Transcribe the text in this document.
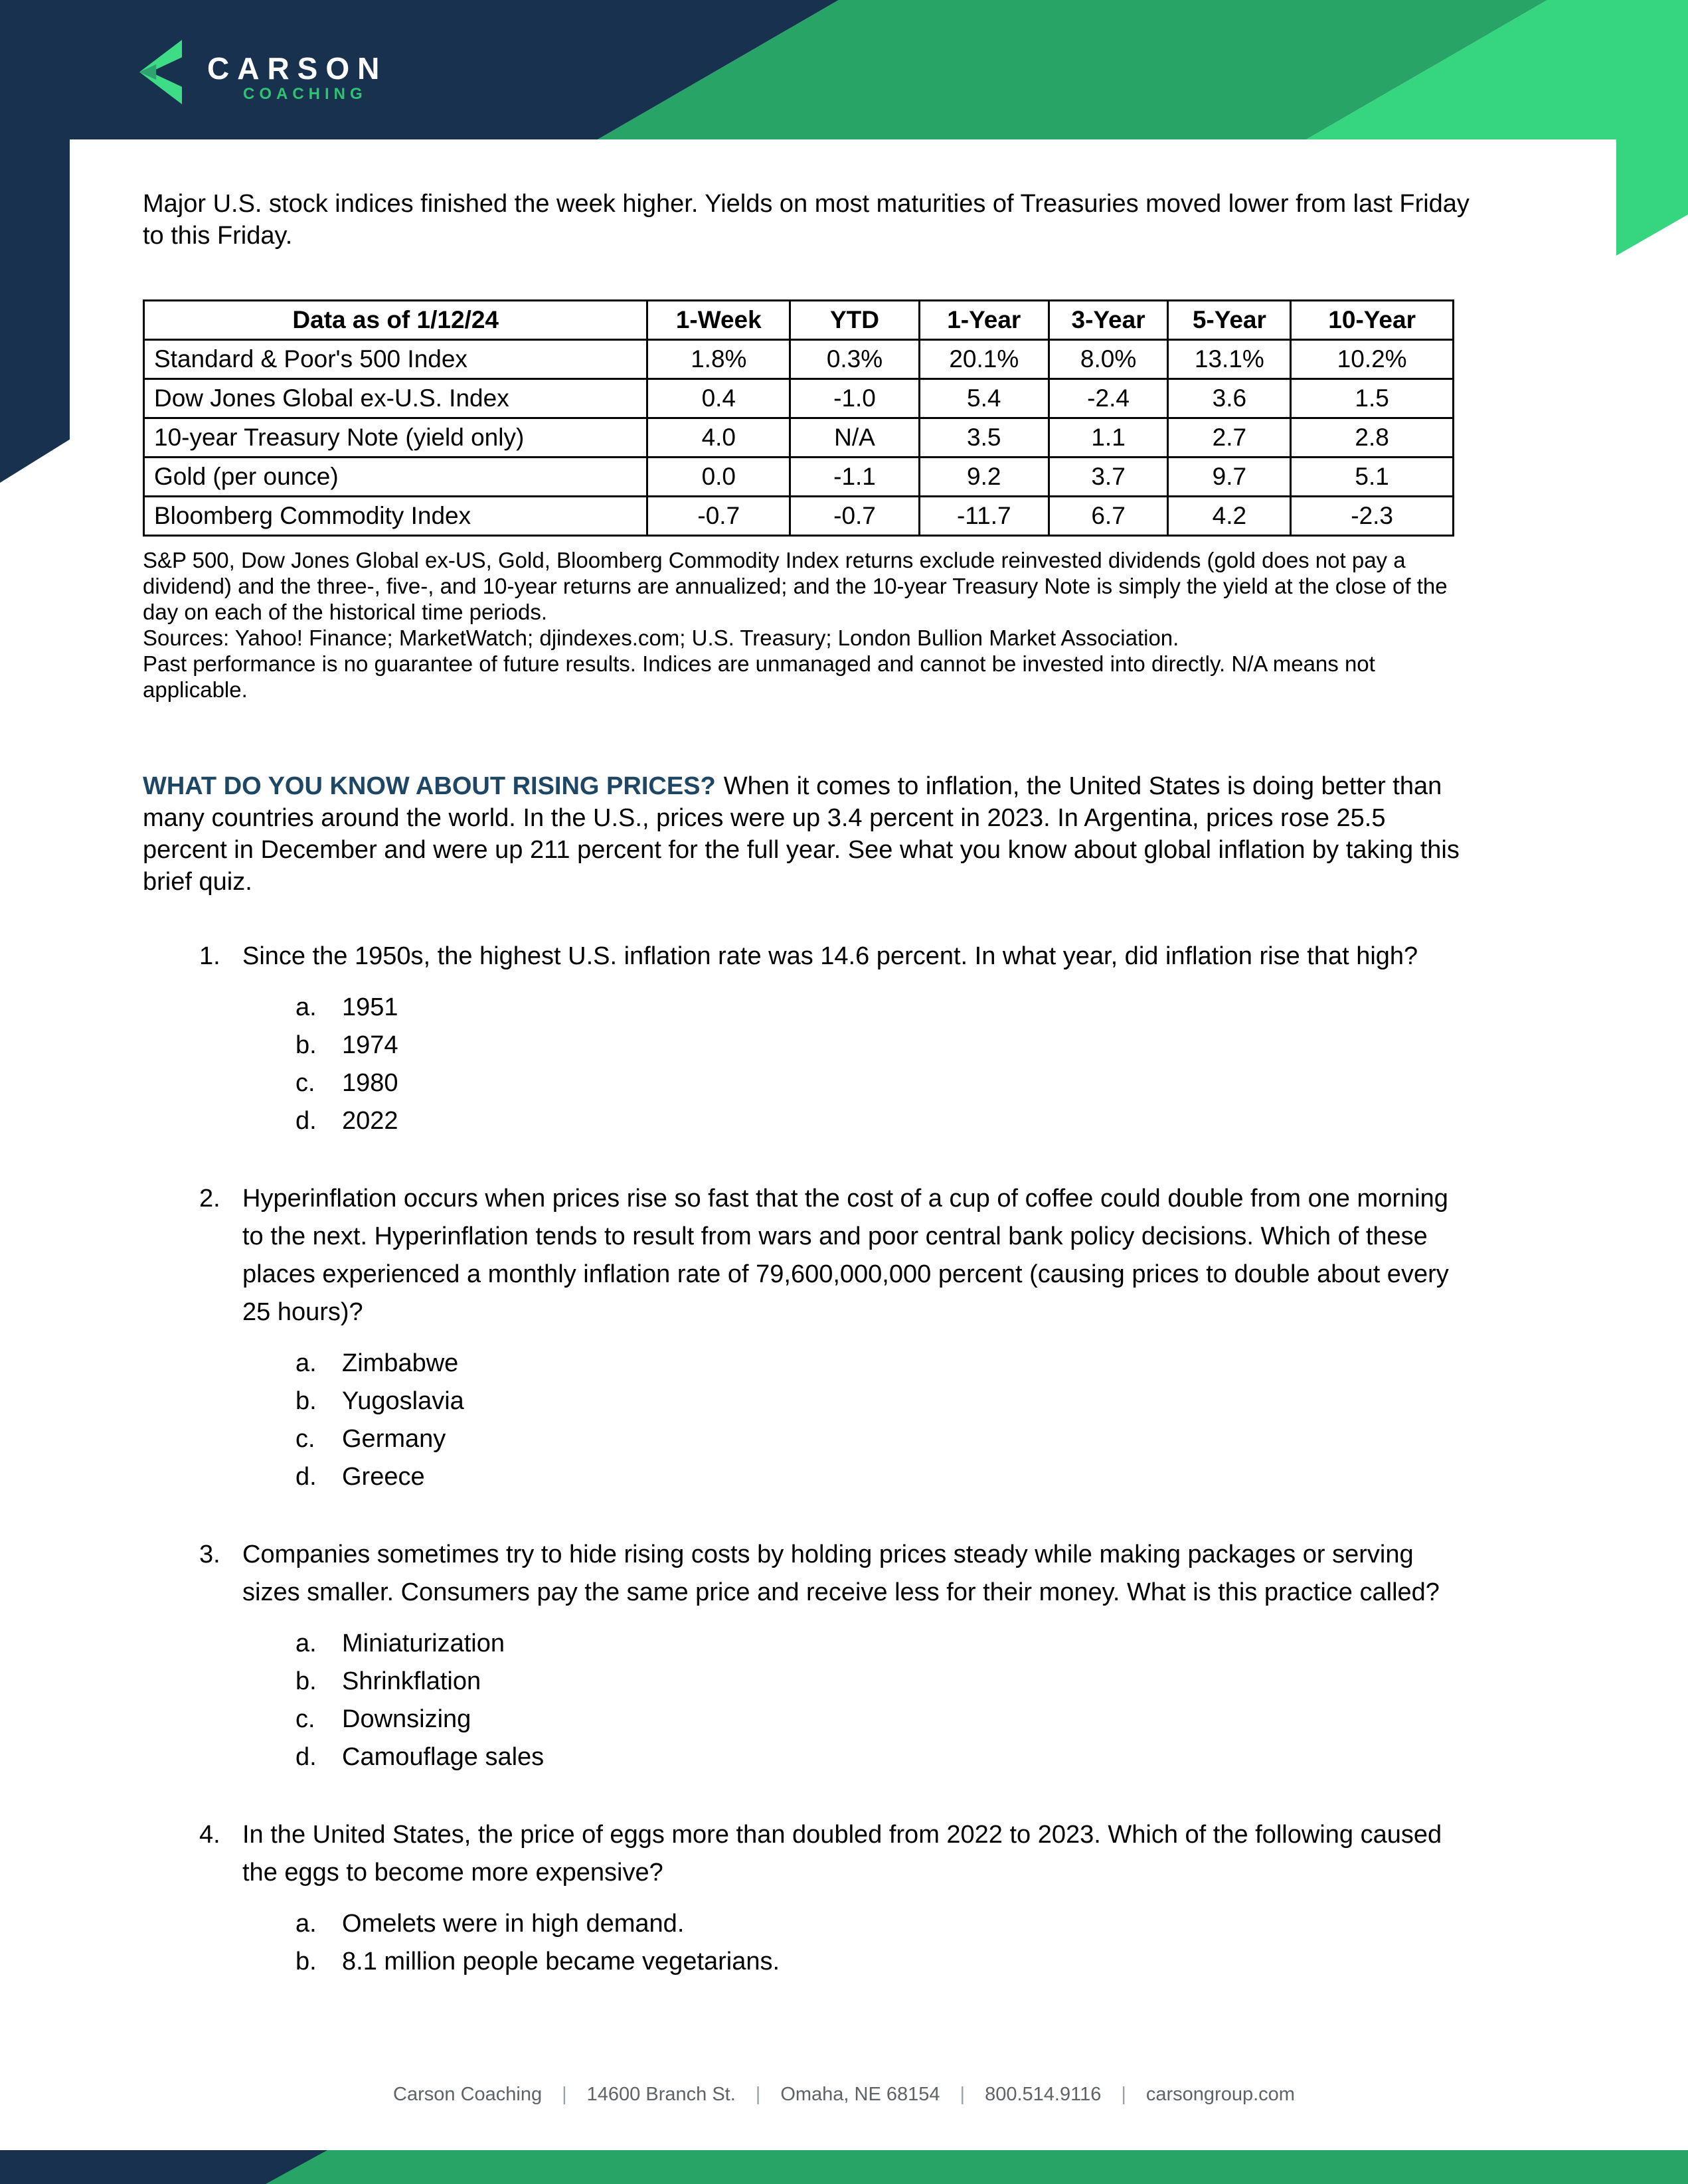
CARSON
COACHING

Major U.S. stock indices finished the week higher. Yields on most maturities of Treasuries moved lower from last Friday to this Friday.

Data as of 1/12/24	1-Week	YTD	1-Year	3-Year	5-Year	10-Year
Standard & Poor's 500 Index	1.8%	0.3%	20.1%	8.0%	13.1%	10.2%
Dow Jones Global ex-U.S. Index	0.4	-1.0	5.4	-2.4	3.6	1.5
10-year Treasury Note (yield only)	4.0	N/A	3.5	1.1	2.7	2.8
Gold (per ounce)	0.0	-1.1	9.2	3.7	9.7	5.1
Bloomberg Commodity Index	-0.7	-0.7	-11.7	6.7	4.2	-2.3
S&P 500, Dow Jones Global ex-US, Gold, Bloomberg Commodity Index returns exclude reinvested dividends (gold does not pay a dividend) and the three-, five-, and 10-year returns are annualized; and the 10-year Treasury Note is simply the yield at the close of the day on each of the historical time periods.
Sources: Yahoo! Finance; MarketWatch; djindexes.com; U.S. Treasury; London Bullion Market Association.
Past performance is no guarantee of future results. Indices are unmanaged and cannot be invested into directly. N/A means not applicable.

WHAT DO YOU KNOW ABOUT RISING PRICES? When it comes to inflation, the United States is doing better than many countries around the world. In the U.S., prices were up 3.4 percent in 2023. In Argentina, prices rose 25.5 percent in December and were up 211 percent for the full year. See what you know about global inflation by taking this brief quiz.

1. Since the 1950s, the highest U.S. inflation rate was 14.6 percent. In what year, did inflation rise that high?
a. 1951
b. 1974
c. 1980
d. 2022
2. Hyperinflation occurs when prices rise so fast that the cost of a cup of coffee could double from one morning to the next. Hyperinflation tends to result from wars and poor central bank policy decisions. Which of these places experienced a monthly inflation rate of 79,600,000,000 percent (causing prices to double about every 25 hours)?
a. Zimbabwe
b. Yugoslavia
c. Germany
d. Greece
3. Companies sometimes try to hide rising costs by holding prices steady while making packages or serving sizes smaller. Consumers pay the same price and receive less for their money. What is this practice called?
a. Miniaturization
b. Shrinkflation
c. Downsizing
d. Camouflage sales
4. In the United States, the price of eggs more than doubled from 2022 to 2023. Which of the following caused the eggs to become more expensive?
a. Omelets were in high demand.
b. 8.1 million people became vegetarians.
Carson Coaching | 14600 Branch St. | Omaha, NE 68154 | 800.514.9116 | carsongroup.com
